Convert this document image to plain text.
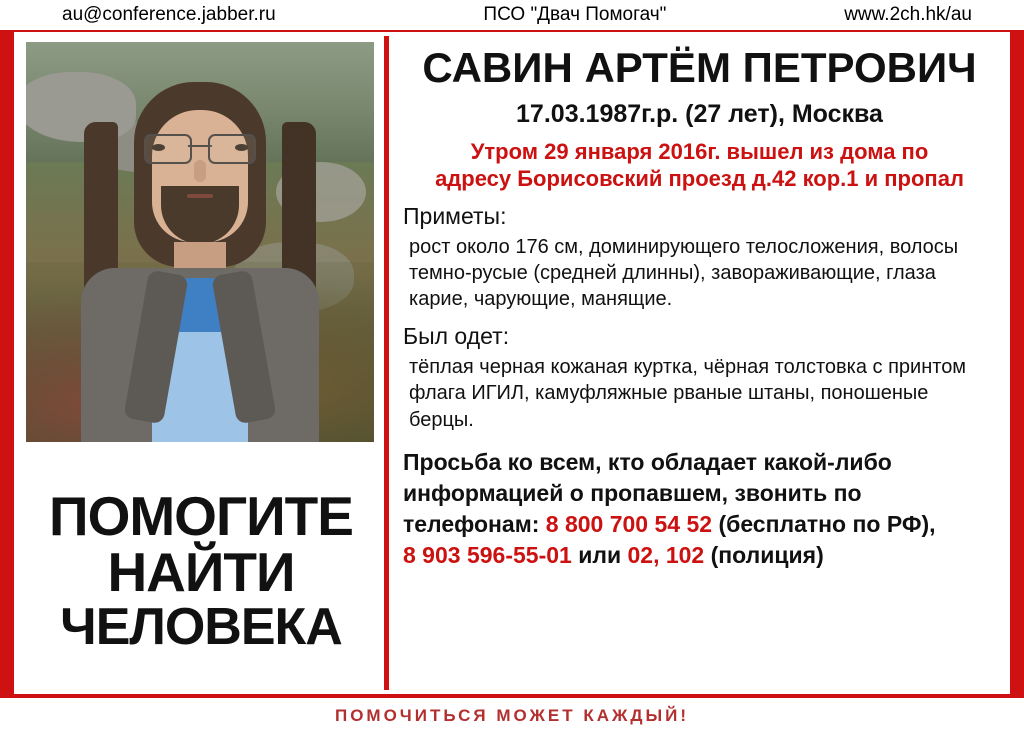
au@conference.jabber.ru	ПСО "Двач Помогач"	www.2ch.hk/au
ПОМОГИТЕ
НАЙТИ
ЧЕЛОВЕКА
САВИН АРТЁМ ПЕТРОВИЧ
17.03.1987г.р. (27 лет), Москва
Утром 29 января 2016г. вышел из дома по
адресу Борисовский проезд д.42 кор.1 и пропал
Приметы:
рост около 176 см, доминирующего телосложения, волосы темно-русые (средней длинны), завораживающие, глаза карие, чарующие, манящие.
Был одет:
тёплая черная кожаная куртка, чёрная толстовка с принтом флага ИГИЛ, камуфляжные рваные штаны, поношеные берцы.
Просьба ко всем, кто обладает какой-либо
информацией о пропавшем, звонить по
телефонам: 8 800 700 54 52 (бесплатно по РФ),
8 903 596-55-01 или 02, 102 (полиция)
ПОМОЧИТЬСЯ МОЖЕТ КАЖДЫЙ!
